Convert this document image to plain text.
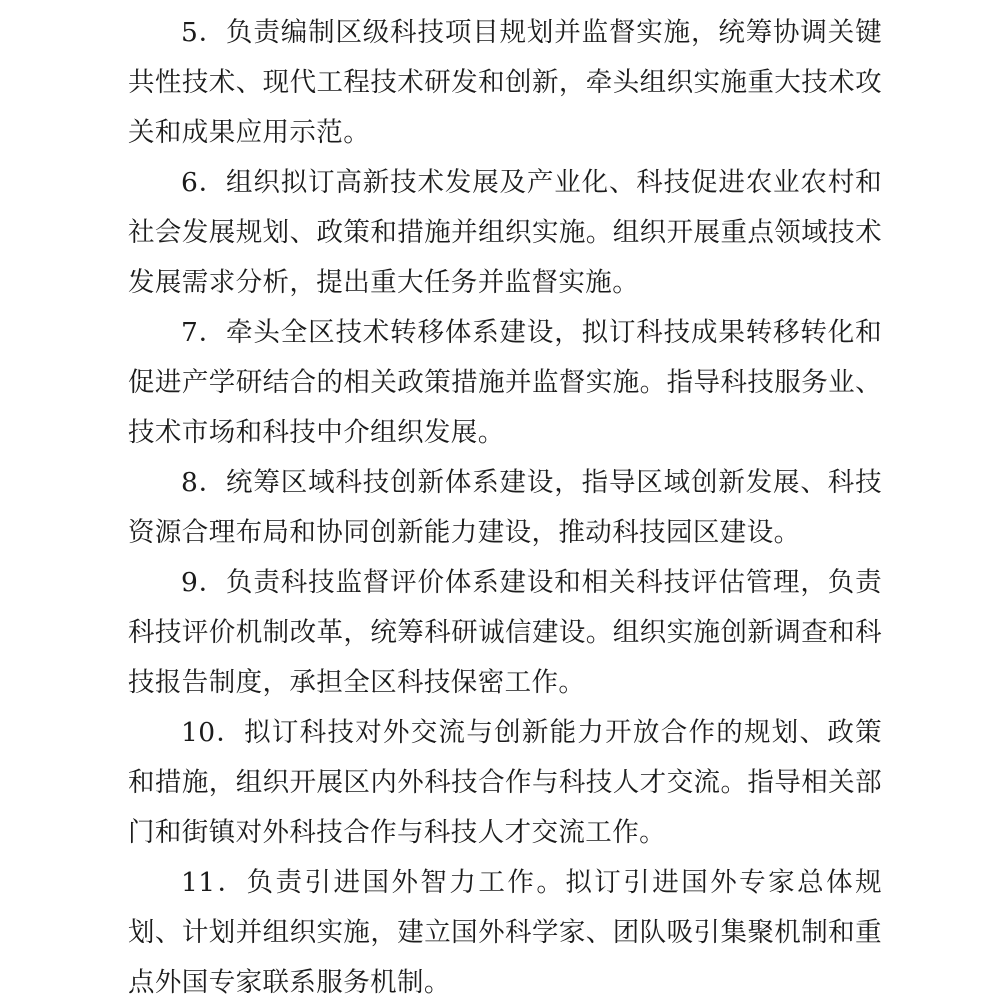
5．负责编制区级科技项目规划并监督实施，统筹协调关键共性技术、现代工程技术研发和创新，牵头组织实施重大技术攻关和成果应用示范。

6．组织拟订高新技术发展及产业化、科技促进农业农村和社会发展规划、政策和措施并组织实施。组织开展重点领域技术发展需求分析，提出重大任务并监督实施。

7．牵头全区技术转移体系建设，拟订科技成果转移转化和促进产学研结合的相关政策措施并监督实施。指导科技服务业、技术市场和科技中介组织发展。

8．统筹区域科技创新体系建设，指导区域创新发展、科技资源合理布局和协同创新能力建设，推动科技园区建设。

9．负责科技监督评价体系建设和相关科技评估管理，负责科技评价机制改革，统筹科研诚信建设。组织实施创新调查和科技报告制度，承担全区科技保密工作。

10．拟订科技对外交流与创新能力开放合作的规划、政策和措施，组织开展区内外科技合作与科技人才交流。指导相关部门和街镇对外科技合作与科技人才交流工作。

11．负责引进国外智力工作。拟订引进国外专家总体规划、计划并组织实施，建立国外科学家、团队吸引集聚机制和重点外国专家联系服务机制。
